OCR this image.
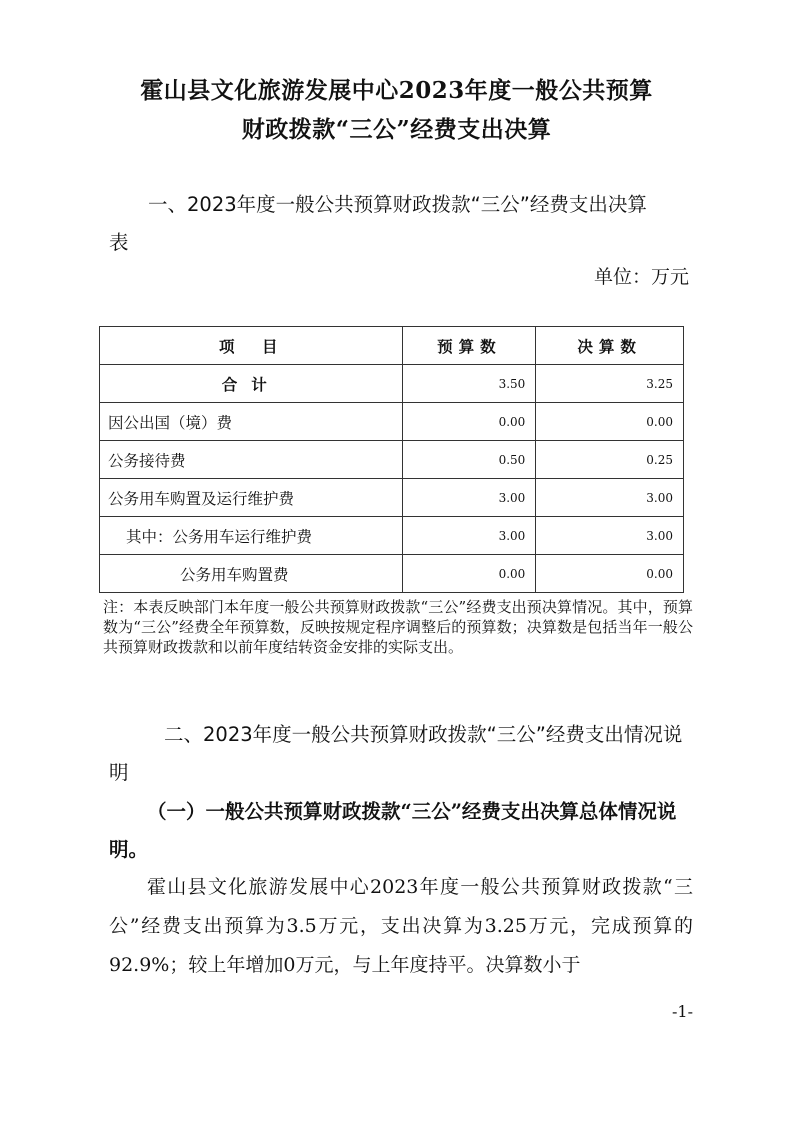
霍山县文化旅游发展中心2023年度一般公共预算
财政拨款“三公”经费支出决算
一、2023年度一般公共预算财政拨款“三公”经费支出决算
表
单位：万元
项　目	预算数	决算数
合计	3.50	3.25
因公出国（境）费	0.00	0.00
公务接待费	0.50	0.25
公务用车购置及运行维护费	3.00	3.00
其中：公务用车运行维护费	3.00	3.00
公务用车购置费	0.00	0.00
注：本表反映部门本年度一般公共预算财政拨款“三公”经费支出预决算情况。其中，预算数为“三公”经费全年预算数，反映按规定程序调整后的预算数；决算数是包括当年一般公共预算财政拨款和以前年度结转资金安排的实际支出。
二、2023年度一般公共预算财政拨款“三公”经费支出情况说明
（一）一般公共预算财政拨款“三公”经费支出决算总体情况说明。
霍山县文化旅游发展中心2023年度一般公共预算财政拨款“三公”经费支出预算为3.5万元，支出决算为3.25万元，完成预算的92.9%；较上年增加0万元，与上年度持平。决算数小于
-1-
